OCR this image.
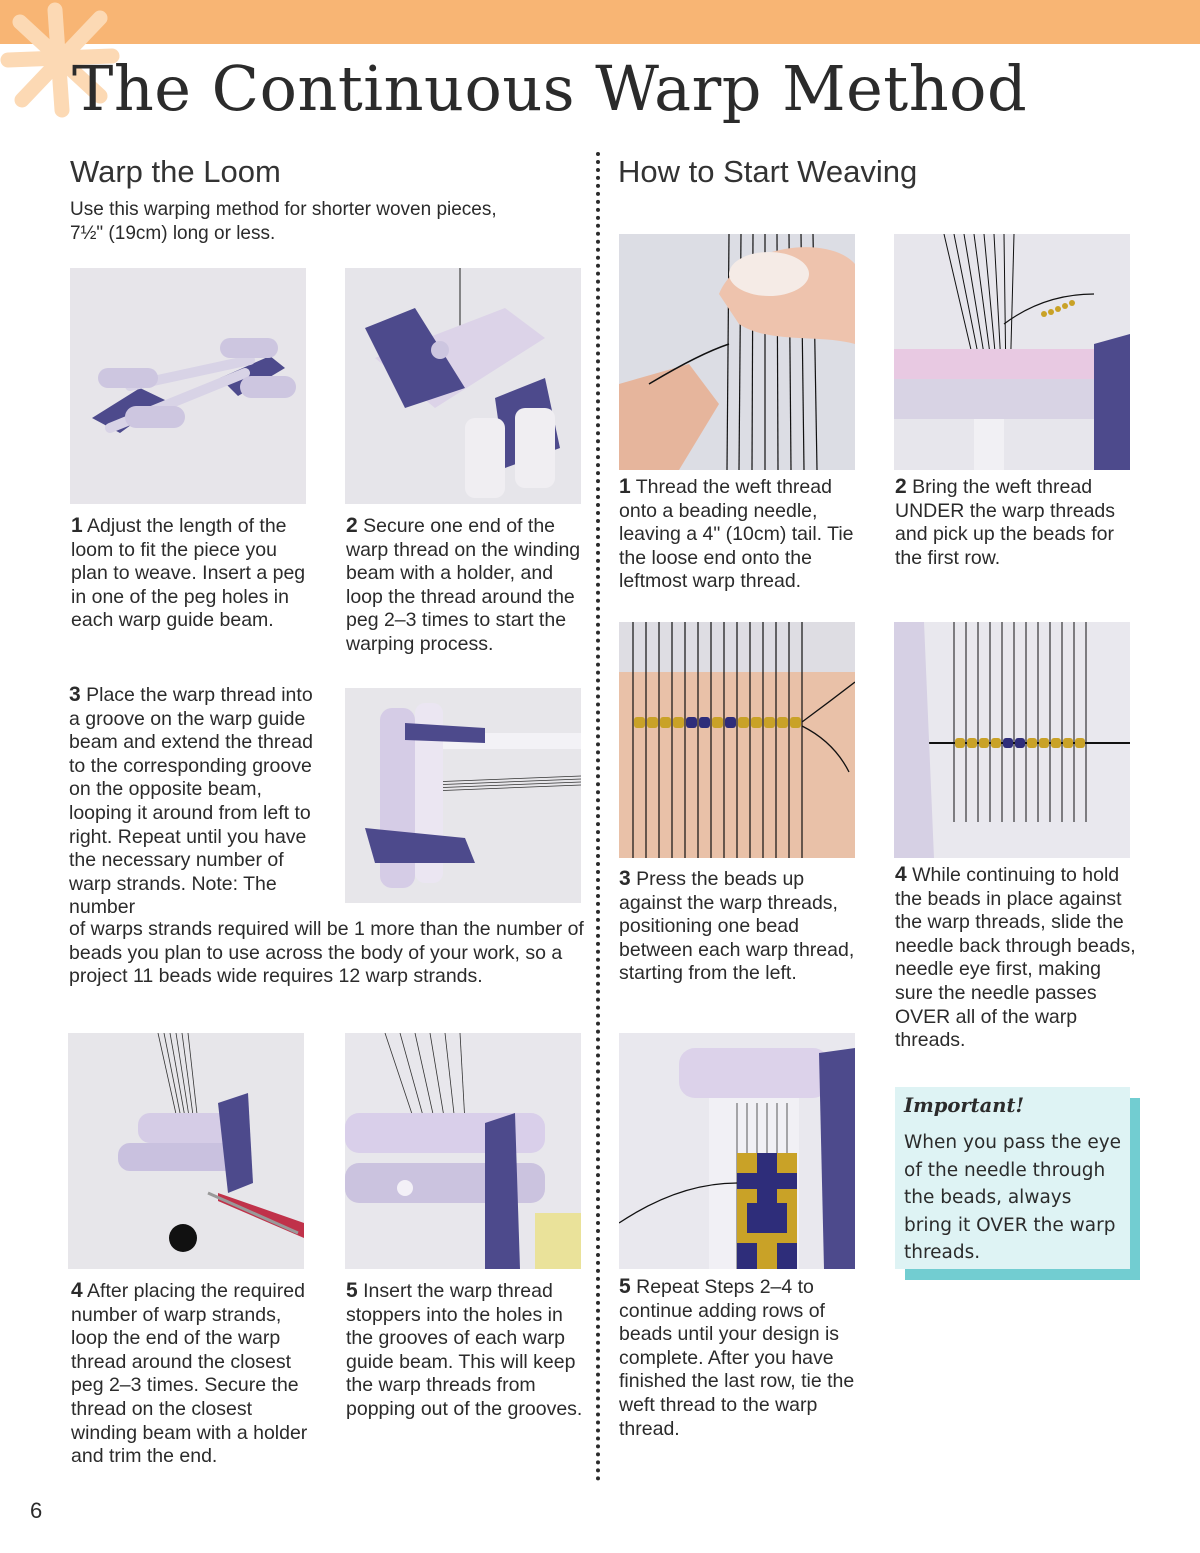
The Continuous Warp Method
Warp the Loom

Use this warping method for shorter woven pieces, 7½" (19cm) long or less.

1 Adjust the length of the loom to fit the piece you plan to weave. Insert a peg in one of the peg holes in each warp guide beam.

2 Secure one end of the warp thread on the winding beam with a holder, and loop the thread around the peg 2–3 times to start the warping process.

3 Place the warp thread into a groove on the warp guide beam and extend the thread to the corresponding groove on the opposite beam, looping it around from left to right. Repeat until you have the necessary number of warp strands. Note: The number

of warps strands required will be 1 more than the number of beads you plan to use across the body of your work, so a project 11 beads wide requires 12 warp strands.

4 After placing the required number of warp strands, loop the end of the warp thread around the closest peg 2–3 times. Secure the thread on the closest winding beam with a holder and trim the end.

5 Insert the warp thread stoppers into the holes in the grooves of each warp guide beam. This will keep the warp threads from popping out of the grooves.

How to Start Weaving

1 Thread the weft thread onto a beading needle, leaving a 4" (10cm) tail. Tie the loose end onto the leftmost warp thread.

2 Bring the weft thread UNDER the warp threads and pick up the beads for the first row.

3 Press the beads up against the warp threads, positioning one bead between each warp thread, starting from the left.

4 While continuing to hold the beads in place against the warp threads, slide the needle back through beads, needle eye first, making sure the needle passes OVER all of the warp threads.

5 Repeat Steps 2–4 to continue adding rows of beads until your design is complete. After you have finished the last row, tie the weft thread to the warp thread.

Important!

When you pass the eye of the needle through the beads, always bring it OVER the warp threads.

6
